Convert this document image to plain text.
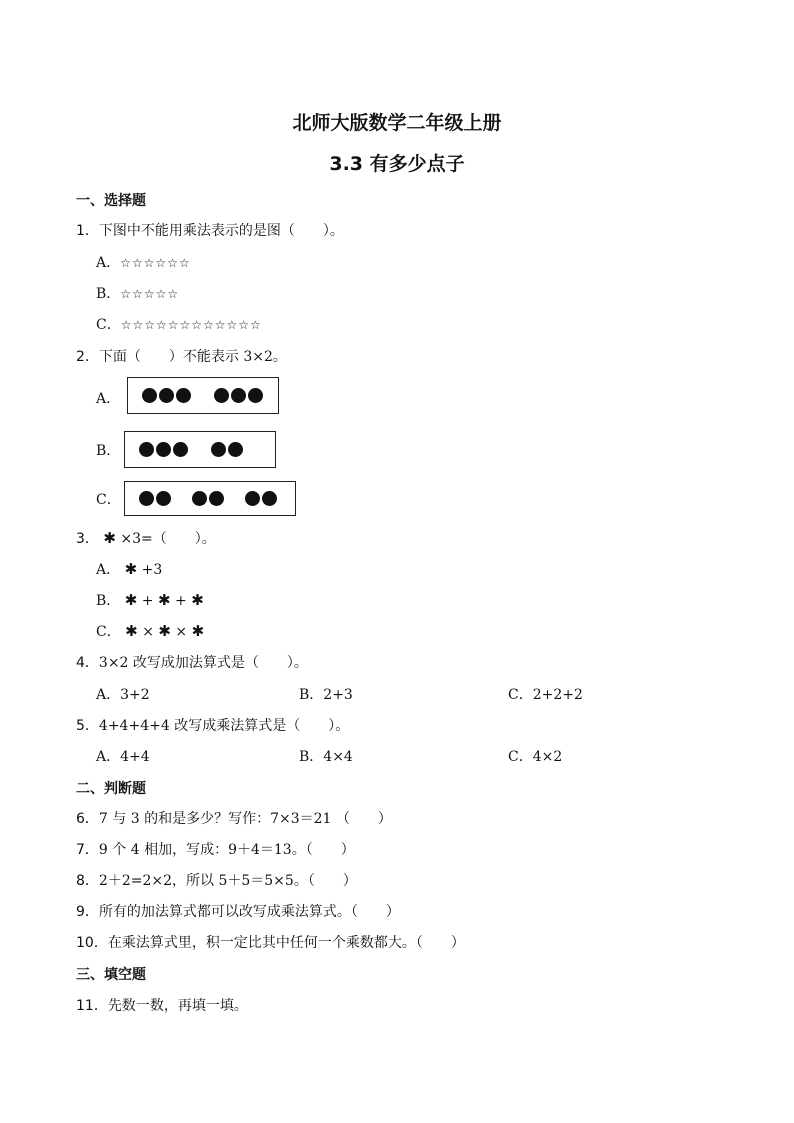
北师大版数学二年级上册
3.3 有多少点子
一、选择题
1．下图中不能用乘法表示的是图（　　）。
A．☆☆☆☆☆☆
B．☆☆☆☆☆
C．☆☆☆☆☆☆☆☆☆☆☆☆
2．下面（　　）不能表示 3×2。
A．
B．
C．
3． ✱ ×3=（　　）。
A． ✱ +3
B． ✱ + ✱ + ✱
C． ✱ × ✱ × ✱
4．3×2 改写成加法算式是（　　）。
A．3+2	B．2+3	C．2+2+2
5．4+4+4+4 改写成乘法算式是（　　）。
A．4+4	B．4×4	C．4×2
二、判断题
6．7 与 3 的和是多少？写作：7×3＝21 （　　）
7．9 个 4 相加，写成：9＋4＝13。（　　）
8．2＋2=2×2，所以 5＋5＝5×5。（　　）
9．所有的加法算式都可以改写成乘法算式。（　　）
10．在乘法算式里，积一定比其中任何一个乘数都大。（　　）
三、填空题
11．先数一数，再填一填。
